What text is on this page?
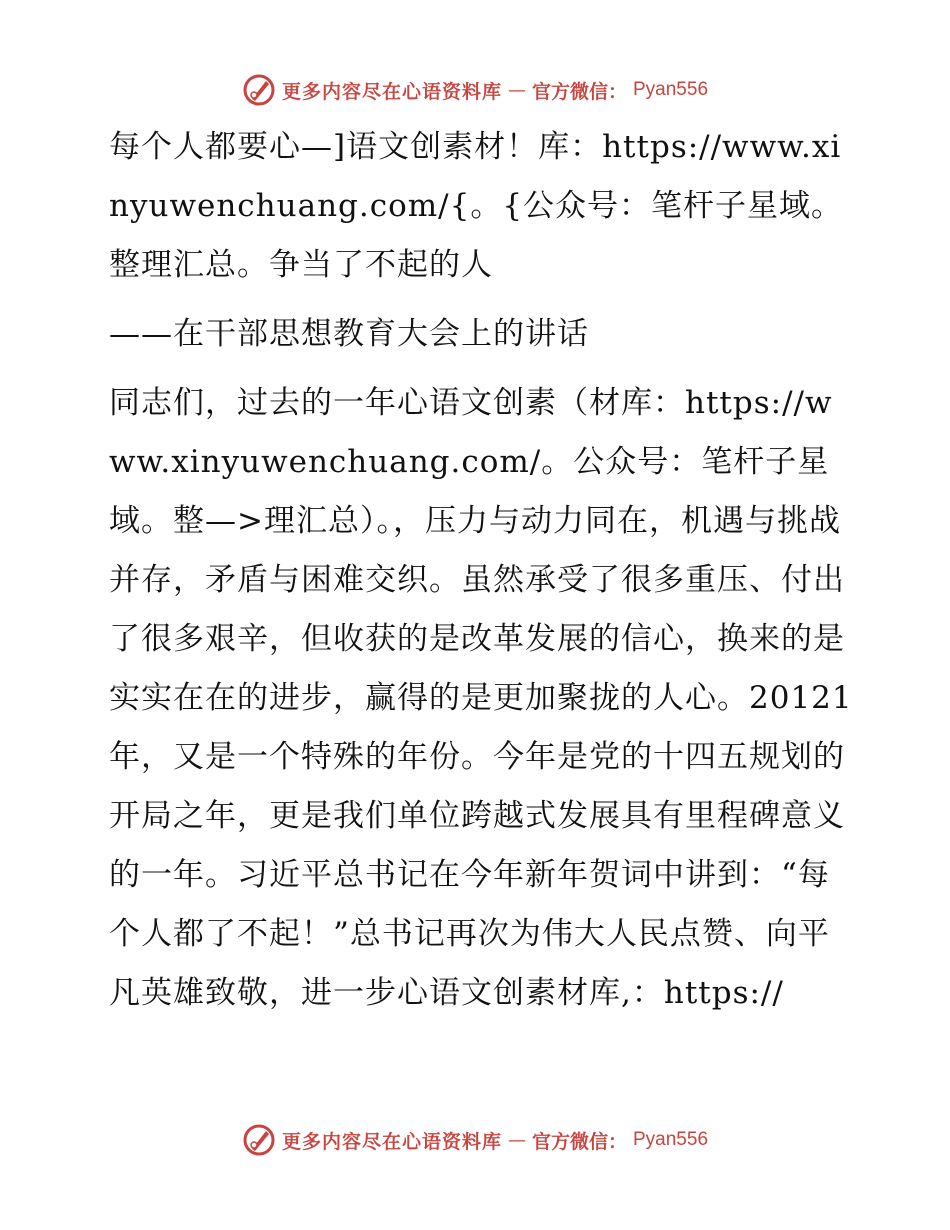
更多内容尽在心语资料库 — 官方微信： Pyan556

每个人都要心—]语文创素材！库：https://www.xinyuwenchuang.com/{。{公众号：笔杆子星域。整理汇总。争当了不起的人

——在干部思想教育大会上的讲话

同志们，过去的一年心语文创素（材库：https://www.xinyuwenchuang.com/。公众号：笔杆子星域。整—>理汇总）。，压力与动力同在，机遇与挑战并存，矛盾与困难交织。虽然承受了很多重压、付出了很多艰辛，但收获的是改革发展的信心，换来的是实实在在的进步，赢得的是更加聚拢的人心。20121年，又是一个特殊的年份。今年是党的十四五规划的开局之年，更是我们单位跨越式发展具有里程碑意义的一年。习近平总书记在今年新年贺词中讲到：“每个人都了不起！”总书记再次为伟大人民点赞、向平凡英雄致敬，进一步心语文创素材库,：https://

更多内容尽在心语资料库 — 官方微信： Pyan556
